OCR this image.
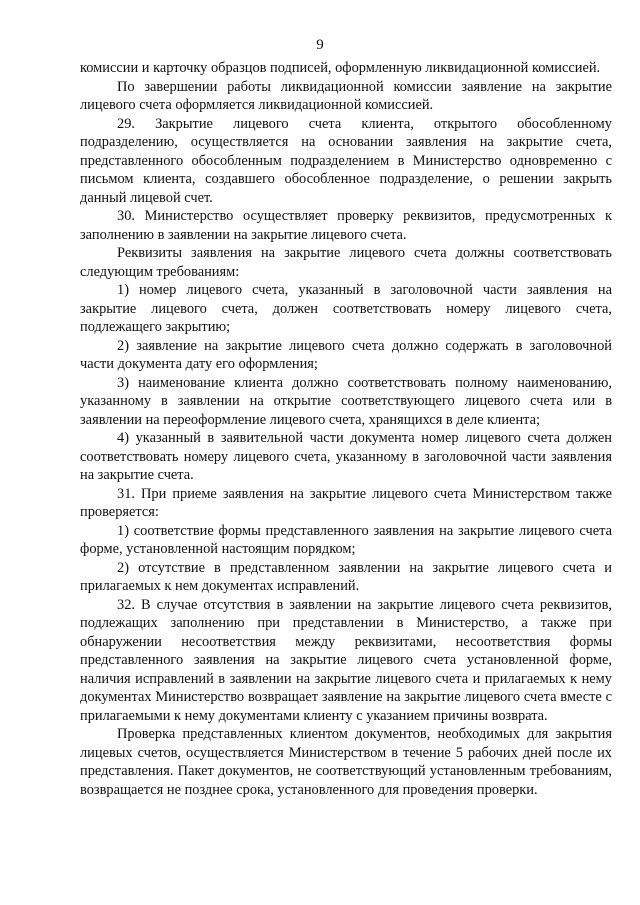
9

комиссии и карточку образцов подписей, оформленную ликвидационной комиссией.

По завершении работы ликвидационной комиссии заявление на закрытие лицевого счета оформляется ликвидационной комиссией.

29. Закрытие лицевого счета клиента, открытого обособленному подразделению, осуществляется на основании заявления на закрытие счета, представленного обособленным подразделением в Министерство одновременно с письмом клиента, создавшего обособленное подразделение, о решении закрыть данный лицевой счет.

30. Министерство осуществляет проверку реквизитов, предусмотренных к заполнению в заявлении на закрытие лицевого счета.

Реквизиты заявления на закрытие лицевого счета должны соответствовать следующим требованиям:

1) номер лицевого счета, указанный в заголовочной части заявления на закрытие лицевого счета, должен соответствовать номеру лицевого счета, подлежащего закрытию;

2) заявление на закрытие лицевого счета должно содержать в заголовочной части документа дату его оформления;

3) наименование клиента должно соответствовать полному наименованию, указанному в заявлении на открытие соответствующего лицевого счета или в заявлении на переоформление лицевого счета, хранящихся в деле клиента;

4) указанный в заявительной части документа номер лицевого счета должен соответствовать номеру лицевого счета, указанному в заголовочной части заявления на закрытие счета.

31. При приеме заявления на закрытие лицевого счета Министерством также проверяется:

1) соответствие формы представленного заявления на закрытие лицевого счета форме, установленной настоящим порядком;

2) отсутствие в представленном заявлении на закрытие лицевого счета и прилагаемых к нем документах исправлений.

32. В случае отсутствия в заявлении на закрытие лицевого счета реквизитов, подлежащих заполнению при представлении в Министерство, а также при обнаружении несоответствия между реквизитами, несоответствия формы представленного заявления на закрытие лицевого счета установленной форме, наличия исправлений в заявлении на закрытие лицевого счета и прилагаемых к нему документах Министерство возвращает заявление на закрытие лицевого счета вместе с прилагаемыми к нему документами клиенту с указанием причины возврата.

Проверка представленных клиентом документов, необходимых для закрытия лицевых счетов, осуществляется Министерством в течение 5 рабочих дней после их представления. Пакет документов, не соответствующий установленным требованиям, возвращается не позднее срока, установленного для проведения проверки.
